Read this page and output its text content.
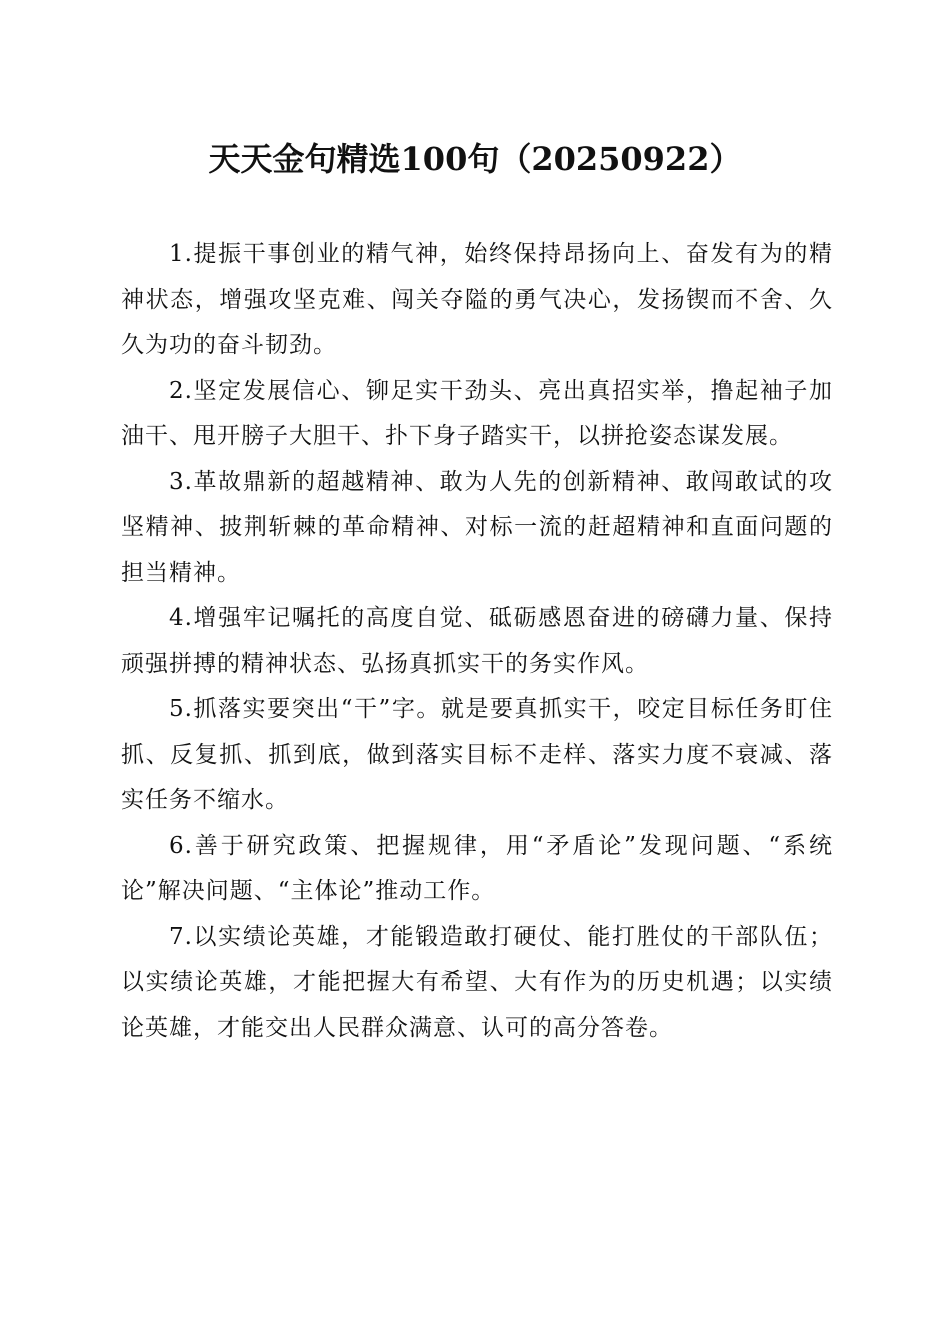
天天金句精选100句（20250922）

1.提振干事创业的精气神，始终保持昂扬向上、奋发有为的精神状态，增强攻坚克难、闯关夺隘的勇气决心，发扬锲而不舍、久久为功的奋斗韧劲。

2.坚定发展信心、铆足实干劲头、亮出真招实举，撸起袖子加油干、甩开膀子大胆干、扑下身子踏实干，以拼抢姿态谋发展。

3.革故鼎新的超越精神、敢为人先的创新精神、敢闯敢试的攻坚精神、披荆斩棘的革命精神、对标一流的赶超精神和直面问题的担当精神。

4.增强牢记嘱托的高度自觉、砥砺感恩奋进的磅礴力量、保持顽强拼搏的精神状态、弘扬真抓实干的务实作风。

5.抓落实要突出“干”字。就是要真抓实干，咬定目标任务盯住抓、反复抓、抓到底，做到落实目标不走样、落实力度不衰减、落实任务不缩水。

6.善于研究政策、把握规律，用“矛盾论”发现问题、“系统论”解决问题、“主体论”推动工作。

7.以实绩论英雄，才能锻造敢打硬仗、能打胜仗的干部队伍；以实绩论英雄，才能把握大有希望、大有作为的历史机遇；以实绩论英雄，才能交出人民群众满意、认可的高分答卷。
